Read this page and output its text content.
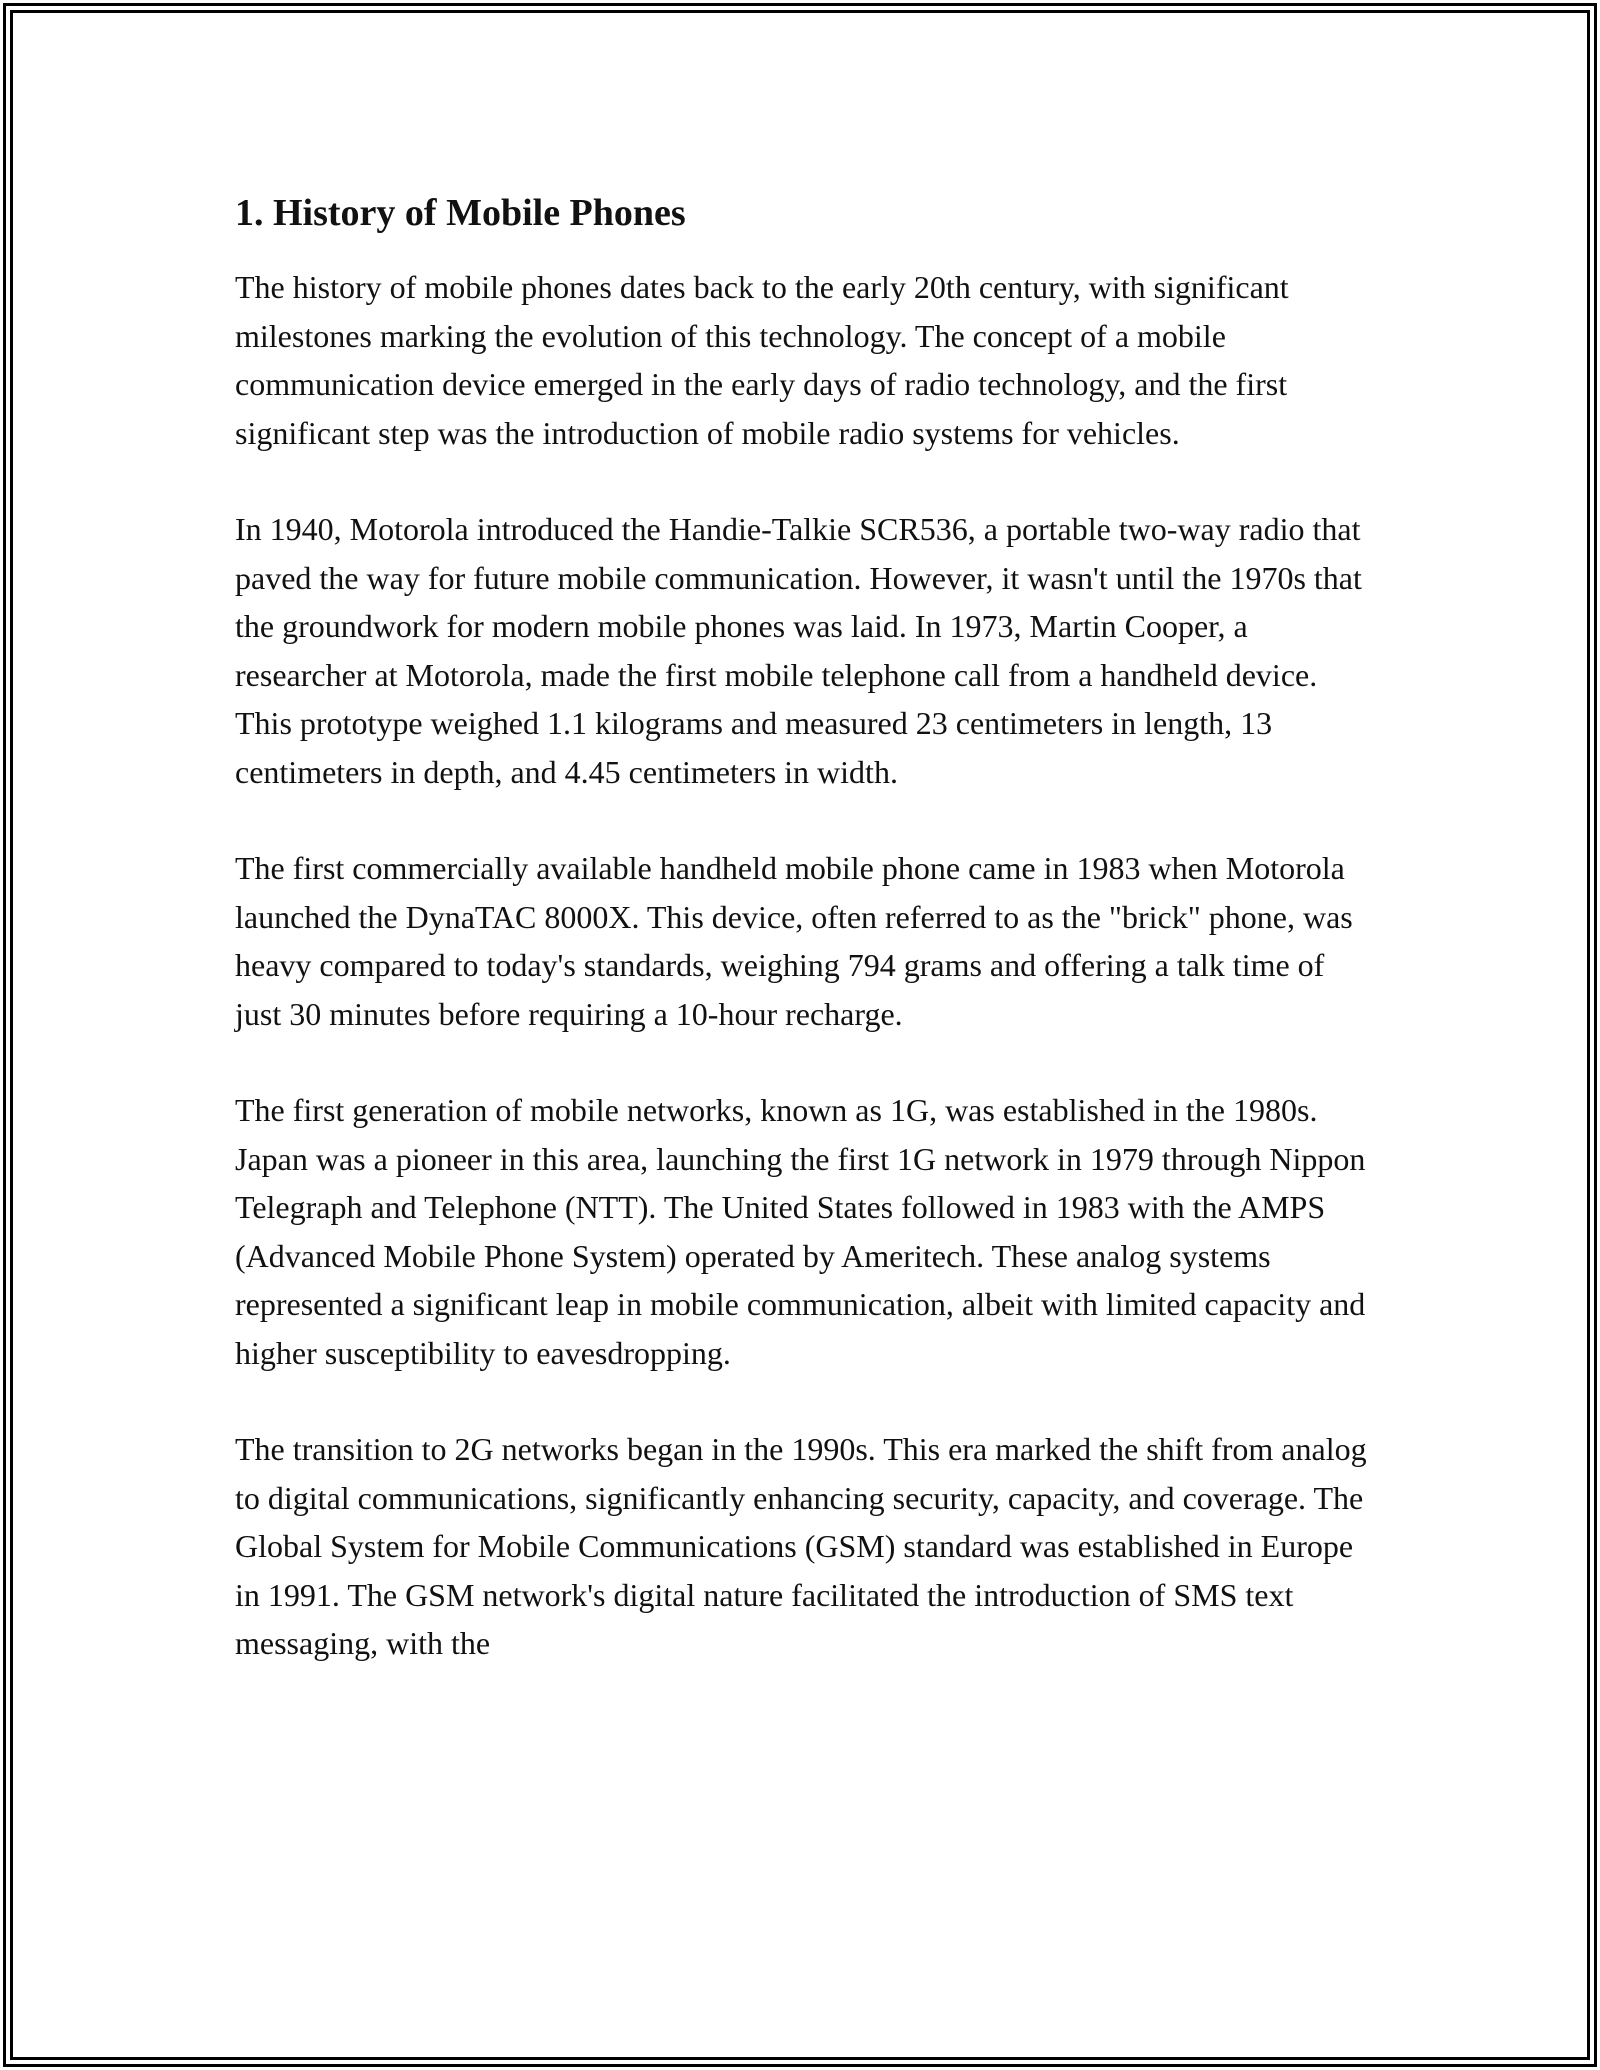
1. History of Mobile Phones

The history of mobile phones dates back to the early 20th century, with significant milestones marking the evolution of this technology. The concept of a mobile communication device emerged in the early days of radio technology, and the first significant step was the introduction of mobile radio systems for vehicles.

In 1940, Motorola introduced the Handie-Talkie SCR536, a portable two-way radio that paved the way for future mobile communication. However, it wasn't until the 1970s that the groundwork for modern mobile phones was laid. In 1973, Martin Cooper, a researcher at Motorola, made the first mobile telephone call from a handheld device. This prototype weighed 1.1 kilograms and measured 23 centimeters in length, 13 centimeters in depth, and 4.45 centimeters in width.

The first commercially available handheld mobile phone came in 1983 when Motorola launched the DynaTAC 8000X. This device, often referred to as the "brick" phone, was heavy compared to today's standards, weighing 794 grams and offering a talk time of just 30 minutes before requiring a 10-hour recharge.

The first generation of mobile networks, known as 1G, was established in the 1980s. Japan was a pioneer in this area, launching the first 1G network in 1979 through Nippon Telegraph and Telephone (NTT). The United States followed in 1983 with the AMPS (Advanced Mobile Phone System) operated by Ameritech. These analog systems represented a significant leap in mobile communication, albeit with limited capacity and higher susceptibility to eavesdropping.

The transition to 2G networks began in the 1990s. This era marked the shift from analog to digital communications, significantly enhancing security, capacity, and coverage. The Global System for Mobile Communications (GSM) standard was established in Europe in 1991. The GSM network's digital nature facilitated the introduction of SMS text messaging, with the
